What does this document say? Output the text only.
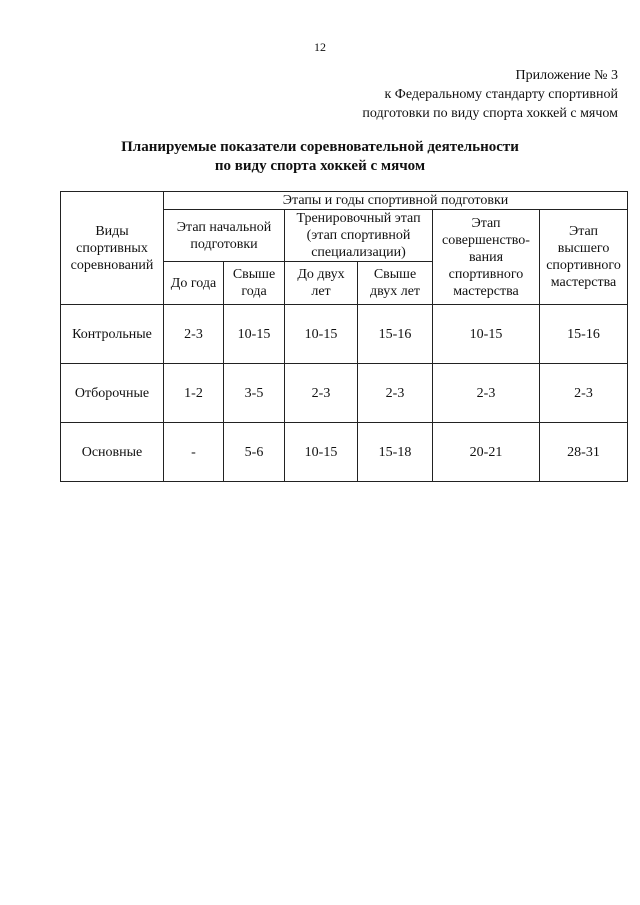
12
Приложение № 3
к Федеральному стандарту спортивной
подготовки по виду спорта хоккей с мячом
Планируемые показатели соревновательной деятельности
по виду спорта хоккей с мячом
Виды спортивных соревнований	Этапы и годы спортивной подготовки					
	Этап начальной подготовки		Тренировочный этап (этап спортивной специализации)		Этап совершенство-вания спортивного мастерства	Этап высшего спортивного мастерства
	До года	Свыше года	До двух лет	Свыше двух лет		
Контрольные	2-3	10-15	10-15	15-16	10-15	15-16
Отборочные	1-2	3-5	2-3	2-3	2-3	2-3
Основные	-	5-6	10-15	15-18	20-21	28-31
